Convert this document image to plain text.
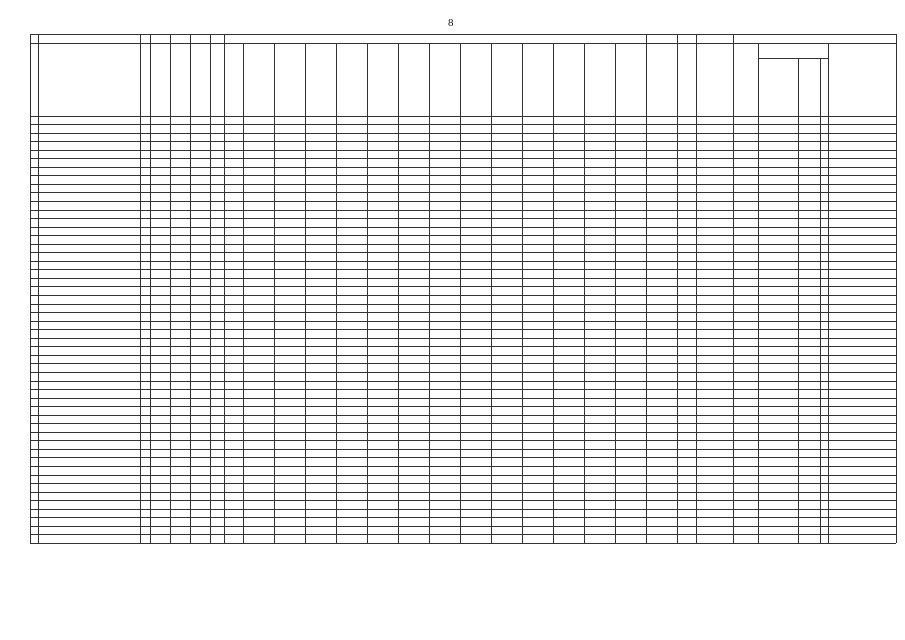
8
